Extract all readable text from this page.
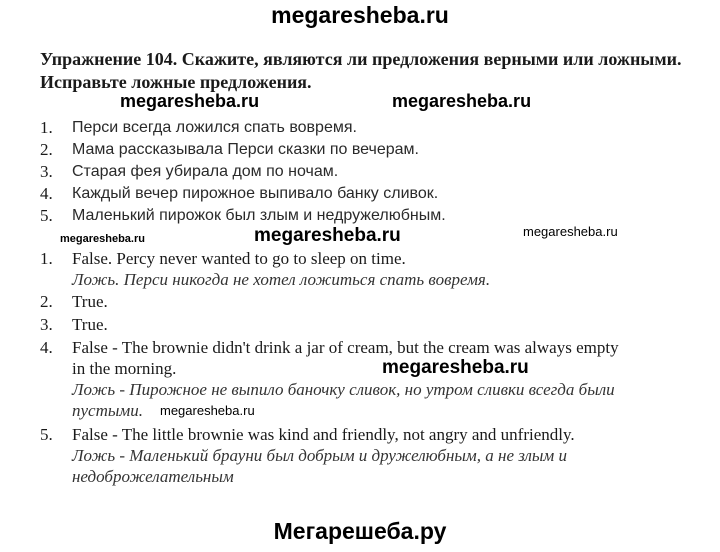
megaresheba.ru
Упражнение 104. Скажите, являются ли предложения верными или ложными. Исправьте ложные предложения.
megaresheba.ru	megaresheba.ru
1. Перси всегда ложился спать вовремя.
2. Мама рассказывала Перси сказки по вечерам.
3. Старая фея убирала дом по ночам.
4. Каждый вечер пирожное выпивало банку сливок.
5. Маленький пирожок был злым и недружелюбным.
megaresheba.ru	megaresheba.ru	megaresheba.ru
1. False. Percy never wanted to go to sleep on time.
Ложь. Перси никогда не хотел ложиться спать вовремя.
2. True.
3. True.
4. False - The brownie didn't drink a jar of cream, but the cream was always empty
in the morning.
Ложь - Пирожное не выпило баночку сливок, но утром сливки всегда были
пустыми.
megaresheba.ru
megaresheba.ru
5. False - The little brownie was kind and friendly, not angry and unfriendly.
Ложь - Маленький брауни был добрым и дружелюбным, а не злым и
недоброжелательным
Мегарешеба.ру
